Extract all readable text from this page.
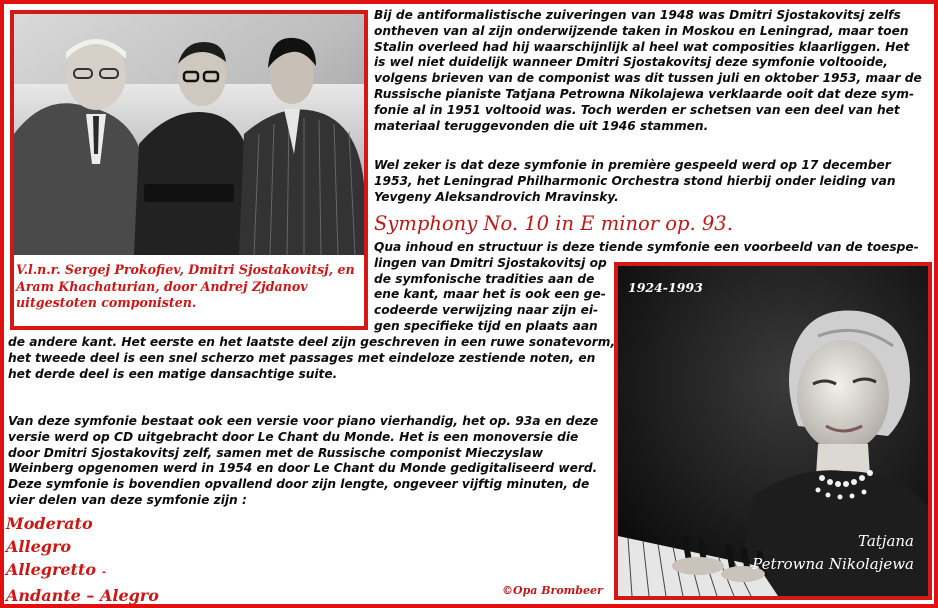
V.l.n.r. Sergej Prokofiev, Dmitri Sjostakovitsj, en
Aram Khachaturian, door Andrej Zjdanov
uitgestoten componisten.
Bij de antiformalistische zuiveringen van 1948 was Dmitri Sjostakovitsj zelfs
ontheven van al zijn onderwijzende taken in Moskou en Leningrad, maar toen
Stalin overleed had hij waarschijnlijk al heel wat composities klaarliggen. Het
is wel niet duidelijk wanneer Dmitri Sjostakovitsj deze symfonie voltooide,
volgens brieven van de componist was dit tussen juli en oktober 1953, maar de
Russische pianiste Tatjana Petrowna Nikolajewa verklaarde ooit dat deze sym-
fonie al in 1951 voltooid was. Toch werden er schetsen van een deel van het
materiaal teruggevonden die uit 1946 stammen.
Wel zeker is dat deze symfonie in première gespeeld werd op 17 december
1953, het Leningrad Philharmonic Orchestra stond hierbij onder leiding van
Yevgeny Aleksandrovich Mravinsky.
Symphony No. 10 in E minor op. 93.
Qua inhoud en structuur is deze tiende symfonie een voorbeeld van de toespe-
lingen van Dmitri Sjostakovitsj op
de symfonische tradities aan de
ene kant, maar het is ook een ge-
codeerde verwijzing naar zijn ei-
gen specifieke tijd en plaats aan
de andere kant. Het eerste en het laatste deel zijn geschreven in een ruwe sonatevorm,
het tweede deel is een snel scherzo met passages met eindeloze zestiende noten, en
het derde deel is een matige dansachtige suite.
Van deze symfonie bestaat ook een versie voor piano vierhandig, het op. 93a en deze
versie werd op CD uitgebracht door Le Chant du Monde. Het is een monoversie die
door Dmitri Sjostakovitsj zelf, samen met de Russische componist Mieczyslaw
Weinberg opgenomen werd in 1954 en door Le Chant du Monde gedigitaliseerd werd.
Deze symfonie is bovendien opvallend door zijn lengte, ongeveer vijftig minuten, de
vier delen van deze symfonie zijn :
Moderato
Allegro
Allegretto -
Andante – Alegro	©Opa Brombeer
1924-1993
Tatjana
Petrowna Nikolajewa
